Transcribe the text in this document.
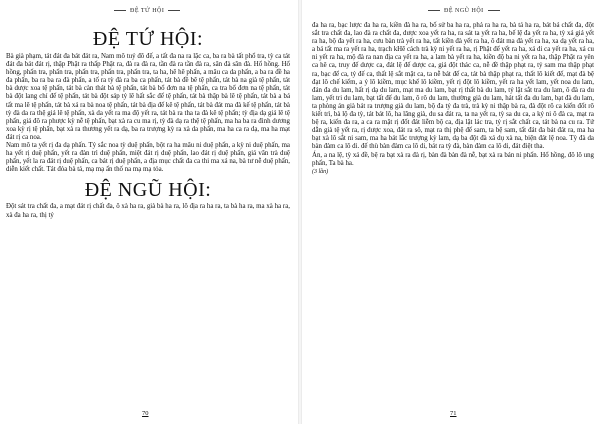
ĐỆ TỨ HỘI
ĐỆ TỨ HỘI:

Bà già phạm, tát đát đa bát đát ra, Nam mô tuý đô đế, a tất đa na ra lặc ca, ba ra bà tất phổ tra, tỳ ca tát đát đa bát đát rị, thập Phật ra thấp Phật ra, đà ra đà ra, tần đà ra tần đà ra, sân đà sân đà. Hổ hồng. Hổ hồng, phấn tra, phấn tra, phấn tra, phấn tra, phấn tra, ta ha, hê hê phấn, a mâu ca da phấn, a ba ra đề ha đa phấn, ba ra ba ra đà phấn, a tố ra tỳ đà ra ba ca phấn, tát bà đề bê tệ phấn, tát bà na già tệ phấn, tát bà dược xoa tệ phấn, tát bà càn thát bà tệ phấn, tát bà bổ đơn na tệ phấn, ca tra bổ đơn na tệ phấn, tát bà đột lang chỉ đế tệ phấn, tát bà đột sáp tỷ lê hất sắc đế tệ phấn, tát bà thập bà lê tệ phấn, tát bà a bá tất ma lê tệ phấn, tát bà xá ra bà noa tệ phấn, tát bà địa đế kê tệ phấn, tát bà đát ma đà kế tệ phấn, tát bà tỳ đà da ra thệ giá lê tệ phấn, xà da yết ra ma độ yết ra, tát bà ra tha ta đà kê tệ phấn; tỳ địa dạ giá lê tệ phấn, giá đô ra phược kỳ nễ tệ phấn, bạt xà ra cu ma rị, tỳ đà dạ ra thệ tệ phấn, ma ha ba ra đinh dương xoa kỳ rị tệ phấn, bạt xà ra thương yết ra dạ, ba ra trượng kỳ ra xà da phấn, ma ha ca ra dạ, ma ha mạt đát rị ca noa.

Nam mô ta yết rị đa dạ phấn. Tỷ sắc noa tỳ duệ phấn, bột ra ha mâu ni duệ phấn, a kỳ ni duệ phấn, ma ha yết rị duệ phấn, yết ra đàn trì duệ phấn, miệt đát rị duệ phấn, lao đát rị duệ phấn, giá văn trà duệ phấn, yết la ra đát rị duệ phấn, ca bát rị duệ phấn, a địa mục chất đa ca thi ma xá na, bà tư nễ duệ phấn, diễn kiết chất. Tát đỏa bà tả, mạ mạ ấn thố na mạ mạ tỏa.

ĐỆ NGŨ HỘI:

Đột sát tra chất đa, a mạt đát rị chất đa, ô xà ha ra, già bà ha ra, lô địa ra ha ra, ta bà ha ra, ma xà ha ra, xà đa ha ra, thị tỷ

70
ĐỆ NGŨ HỘI

đa ha ra, bạc lược đa ha ra, kiền đà ha ra, bố sử ba ha ra, phả ra ha ra, bà tả ha ra, bát bá chất đa, đột sắt tra chất đa, lao đà ra chất đa, dược xoa yết ra ha, ra sát ta yết ra ha, bế lệ đa yết ra ha, tỳ xá giá yết ra ha, bộ đa yết ra ha, cưu bàn trà yết ra ha, tất kiền đà yết ra ha, ô đát ma đà yết ra ha, xa dạ yết ra ha, a bá tất ma ra yết ra ha, trạch kHê cách trà kỳ ni yết ra ha, rị Phật để yết ra ha, xá di ca yết ra ha, xá cu ni yết ra ha, mộ đà ra nan địa ca yết ra ha, a lam bà yết ra ha, kiền độ ba ni yết ra ha, thập Phật ra yên ca hê ca, truy đế dược ca, đát lệ đế dược ca, giả đột thác ca, nễ đề thập phạt ra, tỷ sam ma thập phạt ra, bạc để ca, tỷ đế ca, thất lệ sắt mật ca, ta nễ bát đế ca, tát bà thập phạt ra, thất lô kiết đế, mạt đà bệ đạt lô chế kiếm, a ỷ lô kiềm, mục khế lô kiềm, yết rị đột lô kiềm, yết ra ha yết lam, yết noa du lam, đản đa du lam, hất rị dạ du lam, mạt ma du lam, bạt rị thất bà du lam, tỷ lật sắt tra du lam, ô đà ra du lam, yết tri du lam, bạt tất đế du lam, ô rô du lam, thường già du lam, hát tất đa du lam, bạt đà du lam, ta phòng án già bát ra trượng già du lam, bộ đa tỷ đa trà, trà kỳ ni thập bà ra, đà đột rô ca kiến đốt rô kiết trì, bà lộ đa tỳ, tát bát lô, ha lăng già, du sa đát ra, ta na yết ra, tỳ sa du ca, a kỷ ni ô đà ca, mạt ra bệ ra, kiến đa ra, a ca ra mật rị đốt đát liễm bộ ca, địa lật lác tra, tỷ rị sắt chất ca, tát bà na cu ra. Tứ dẫn già tệ yết ra, rị dược xoa, đát ra sô, mạt ra thị phệ đế sam, ta bệ sam, tất đát đa bát đát ra, ma ha bạt xà lô sắt ni sam, ma ha bát lắc trượng kỳ lam, dạ ba đột đà xá dụ xà na, biện đát lệ noa. Tỳ đà da bàn đàm ca lô di. đế thù bàn đàm ca lô di, bát ra tỳ đà, bàn đàm ca lô di, đát điệt tha.

Án, a na lệ, tỳ xá đề, bệ ra bạt xà ra đà rị, bàn đà bàn đà nễ, bạt xà ra bán ni phấn. Hổ hồng, đô lô ung phấn, Ta bà ha.

(3 lần)

71
